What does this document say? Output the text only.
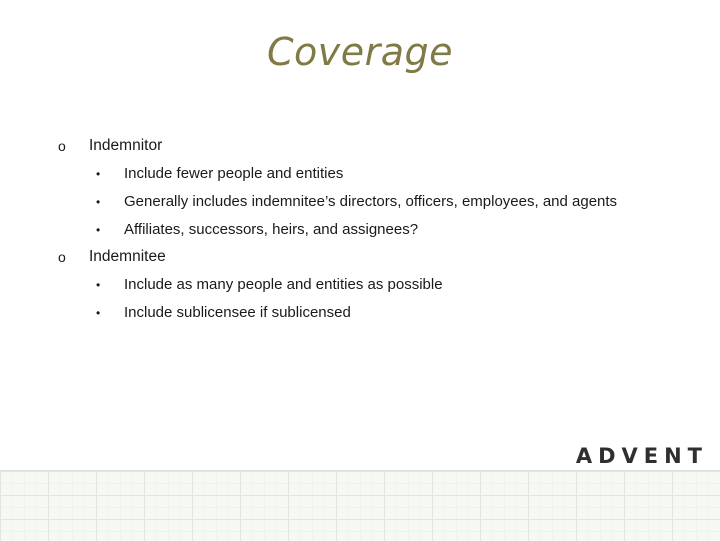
Coverage
o Indemnitor
• Include fewer people and entities
• Generally includes indemnitee’s directors, officers, employees, and agents
• Affiliates, successors, heirs, and assignees?
o Indemnitee
• Include as many people and entities as possible
• Include sublicensee if sublicensed
ADVENT
